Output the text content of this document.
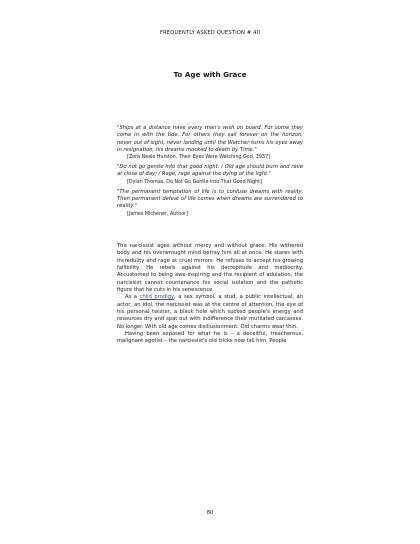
FREQUENTLY ASKED QUESTION # 40
To Age with Grace

"Ships at a distance have every man's wish on board. For some they come in with the tide. For others they sail forever on the horizon, never out of sight, never landing until the Watcher turns his eyes away in resignation, his dreams mocked to death by Time."

[Zora Neale Hurston, Their Eyes Were Watching God, 1937]

"Do not go gentle into that good night, / Old age should burn and rave at close of day; / Rage, rage against the dying of the light."

[Dylan Thomas, Do Not Go Gentle into That Good Night]

"The permanent temptation of life is to confuse dreams with reality. Then permanent defeat of life comes when dreams are surrendered to reality."

[James Michener, Author]

The narcissist ages without mercy and without grace. His withered body and his overwrought mind betray him all at once. He stares with incredulity and rage at cruel mirrors. He refuses to accept his growing fallibility. He rebels against his decrepitude and mediocrity. Accustomed to being awe-inspiring and the recipient of adulation, the narcissist cannot countenance his social isolation and the pathetic figure that he cuts in his senescence.

As a child prodigy, a sex symbol, a stud, a public intellectual, an actor, an idol, the narcissist was at the centre of attention, the eye of his personal twister, a black hole which sucked people's energy and resources dry and spat out with indifference their mutilated carcasses. No longer. With old age comes disillusionment. Old charms wear thin.

Having been exposed for what he is – a deceitful, treacherous, malignant egotist – the narcissist's old tricks now fail him. People

80
